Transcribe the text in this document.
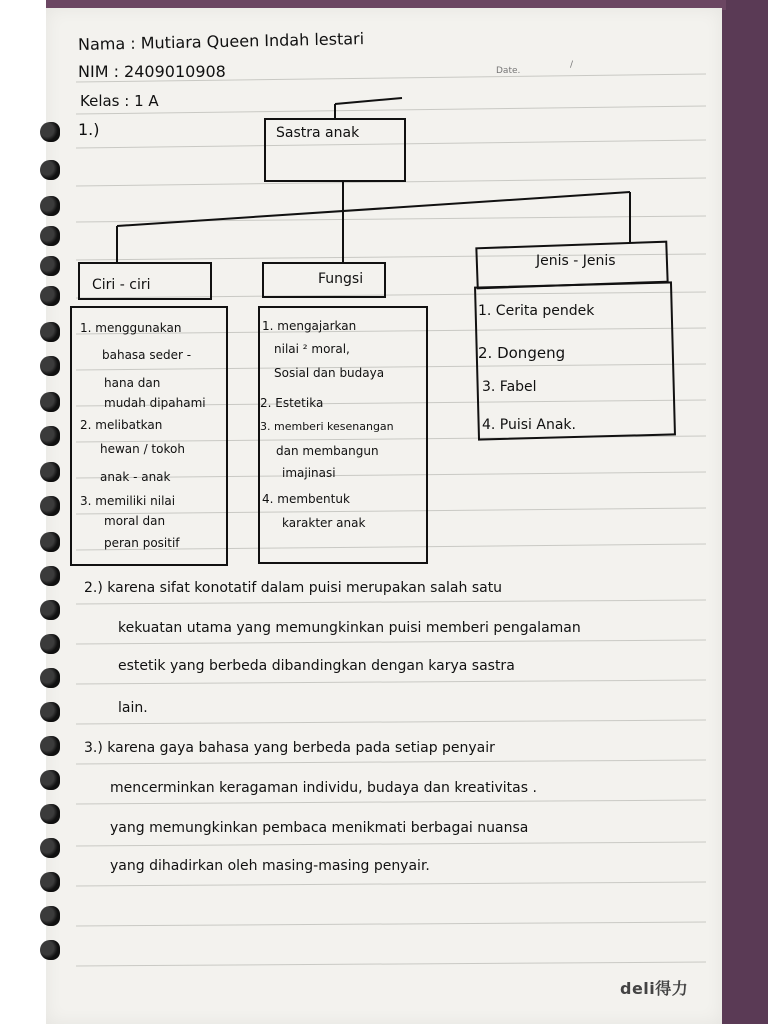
Nama : Mutiara Queen Indah lestari
NIM : 2409010908
Kelas : 1 A
Date.
/
1.)	Sastra anak
Ciri - ciri	Fungsi
Jenis - Jenis
1. menggunakan
bahasa seder -
hana dan
mudah dipahami
2. melibatkan
hewan / tokoh
anak - anak
3. memiliki nilai
moral dan
peran positif
1. mengajarkan
nilai ² moral,
Sosial dan budaya
2. Estetika
3. memberi kesenangan
dan membangun
imajinasi
4. membentuk
karakter anak
1. Cerita pendek
2. Dongeng
3. Fabel
4. Puisi Anak.
2.) karena sifat konotatif dalam puisi merupakan salah satu
kekuatan utama yang memungkinkan puisi memberi pengalaman
estetik yang berbeda dibandingkan dengan karya sastra
lain.
3.) karena gaya bahasa yang berbeda pada setiap penyair
mencerminkan keragaman individu, budaya dan kreativitas .
yang memungkinkan pembaca menikmati berbagai nuansa
yang dihadirkan oleh masing-masing penyair.
deli得力
